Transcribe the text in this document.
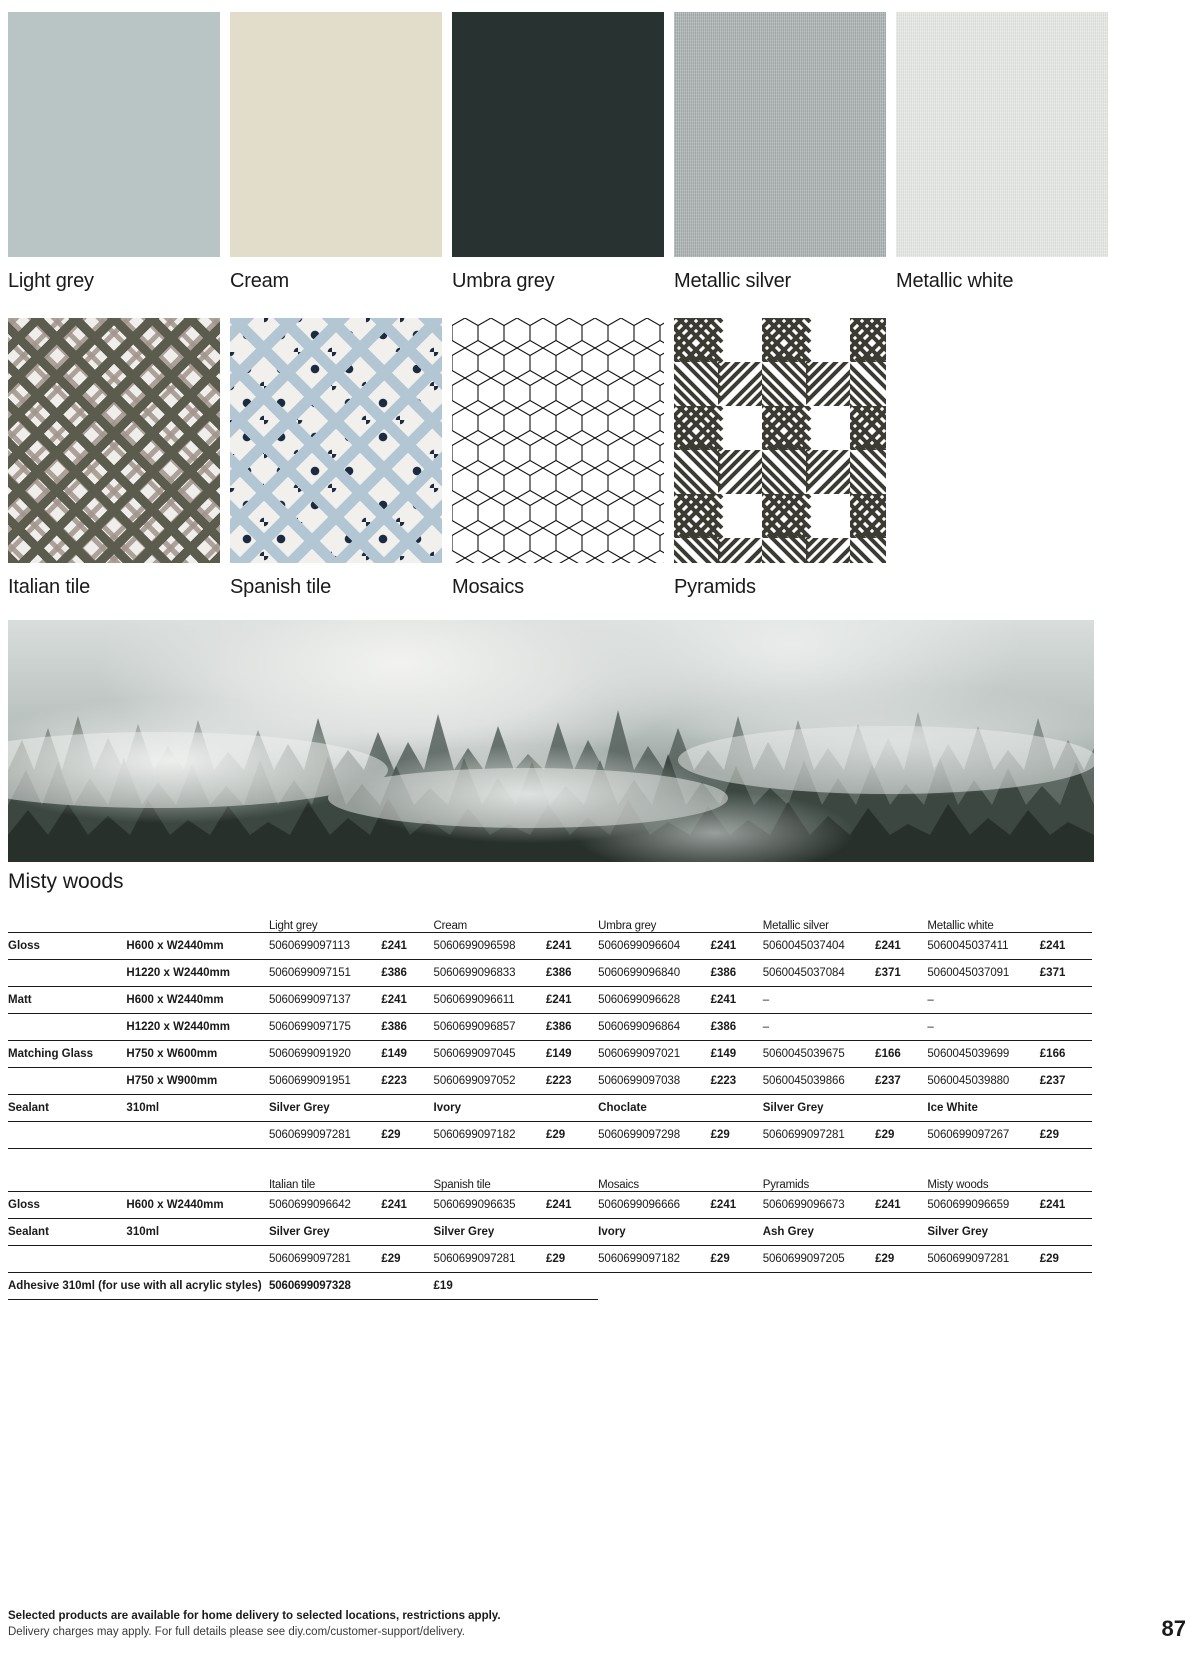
Light grey	Cream	Umbra grey	Metallic silver	Metallic white
Italian tile	Spanish tile	Mosaics	Pyramids
Misty woods
		Light grey		Cream		Umbra grey		Metallic silver		Metallic white	
Gloss	H600 x W2440mm	5060699097113	£241	5060699096598	£241	5060699096604	£241	5060045037404	£241	5060045037411	£241
	H1220 x W2440mm	5060699097151	£386	5060699096833	£386	5060699096840	£386	5060045037084	£371	5060045037091	£371
Matt	H600 x W2440mm	5060699097137	£241	5060699096611	£241	5060699096628	£241	–		–	
	H1220 x W2440mm	5060699097175	£386	5060699096857	£386	5060699096864	£386	–		–	
Matching Glass	H750 x W600mm	5060699091920	£149	5060699097045	£149	5060699097021	£149	5060045039675	£166	5060045039699	£166
	H750 x W900mm	5060699091951	£223	5060699097052	£223	5060699097038	£223	5060045039866	£237	5060045039880	£237
Sealant	310ml	Silver Grey		Ivory		Choclate		Silver Grey		Ice White	
		5060699097281	£29	5060699097182	£29	5060699097298	£29	5060699097281	£29	5060699097267	£29

		Italian tile		Spanish tile		Mosaics		Pyramids		Misty woods	
Gloss	H600 x W2440mm	5060699096642	£241	5060699096635	£241	5060699096666	£241	5060699096673	£241	5060699096659	£241
Sealant	310ml	Silver Grey		Silver Grey		Ivory		Ash Grey		Silver Grey	
		5060699097281	£29	5060699097281	£29	5060699097182	£29	5060699097205	£29	5060699097281	£29
Adhesive 310ml (for use with all acrylic styles)		5060699097328		£19							

Selected products are available for home delivery to selected locations, restrictions apply.
Delivery charges may apply. For full details please see diy.com/customer-support/delivery.	87
